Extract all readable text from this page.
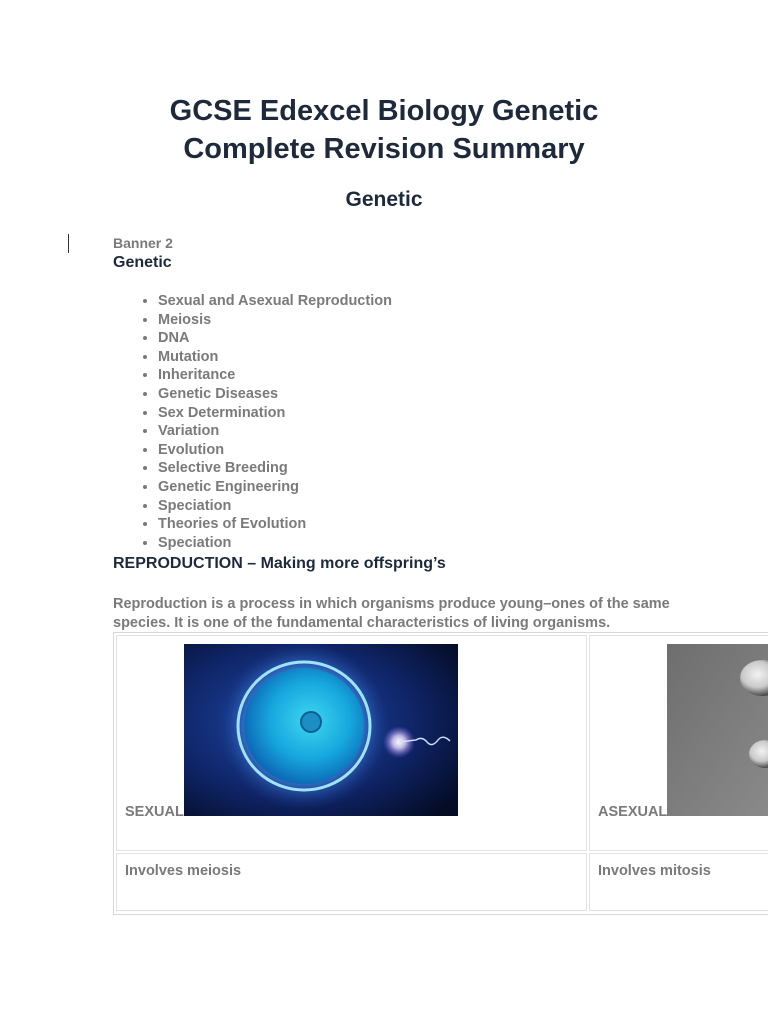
GCSE Edexcel Biology Genetic
Complete Revision Summary
Genetic
Banner 2
Genetic
• Sexual and Asexual Reproduction
• Meiosis
• DNA
• Mutation
• Inheritance
• Genetic Diseases
• Sex Determination
• Variation
• Evolution
• Selective Breeding
• Genetic Engineering
• Speciation
• Theories of Evolution
• Speciation
REPRODUCTION – Making more offspring’s
Reproduction is a process in which organisms produce young–ones of the same species. It is one of the fundamental characteristics of living organisms.
SEXUAL	ASEXUAL
Involves meiosis	Involves mitosis
